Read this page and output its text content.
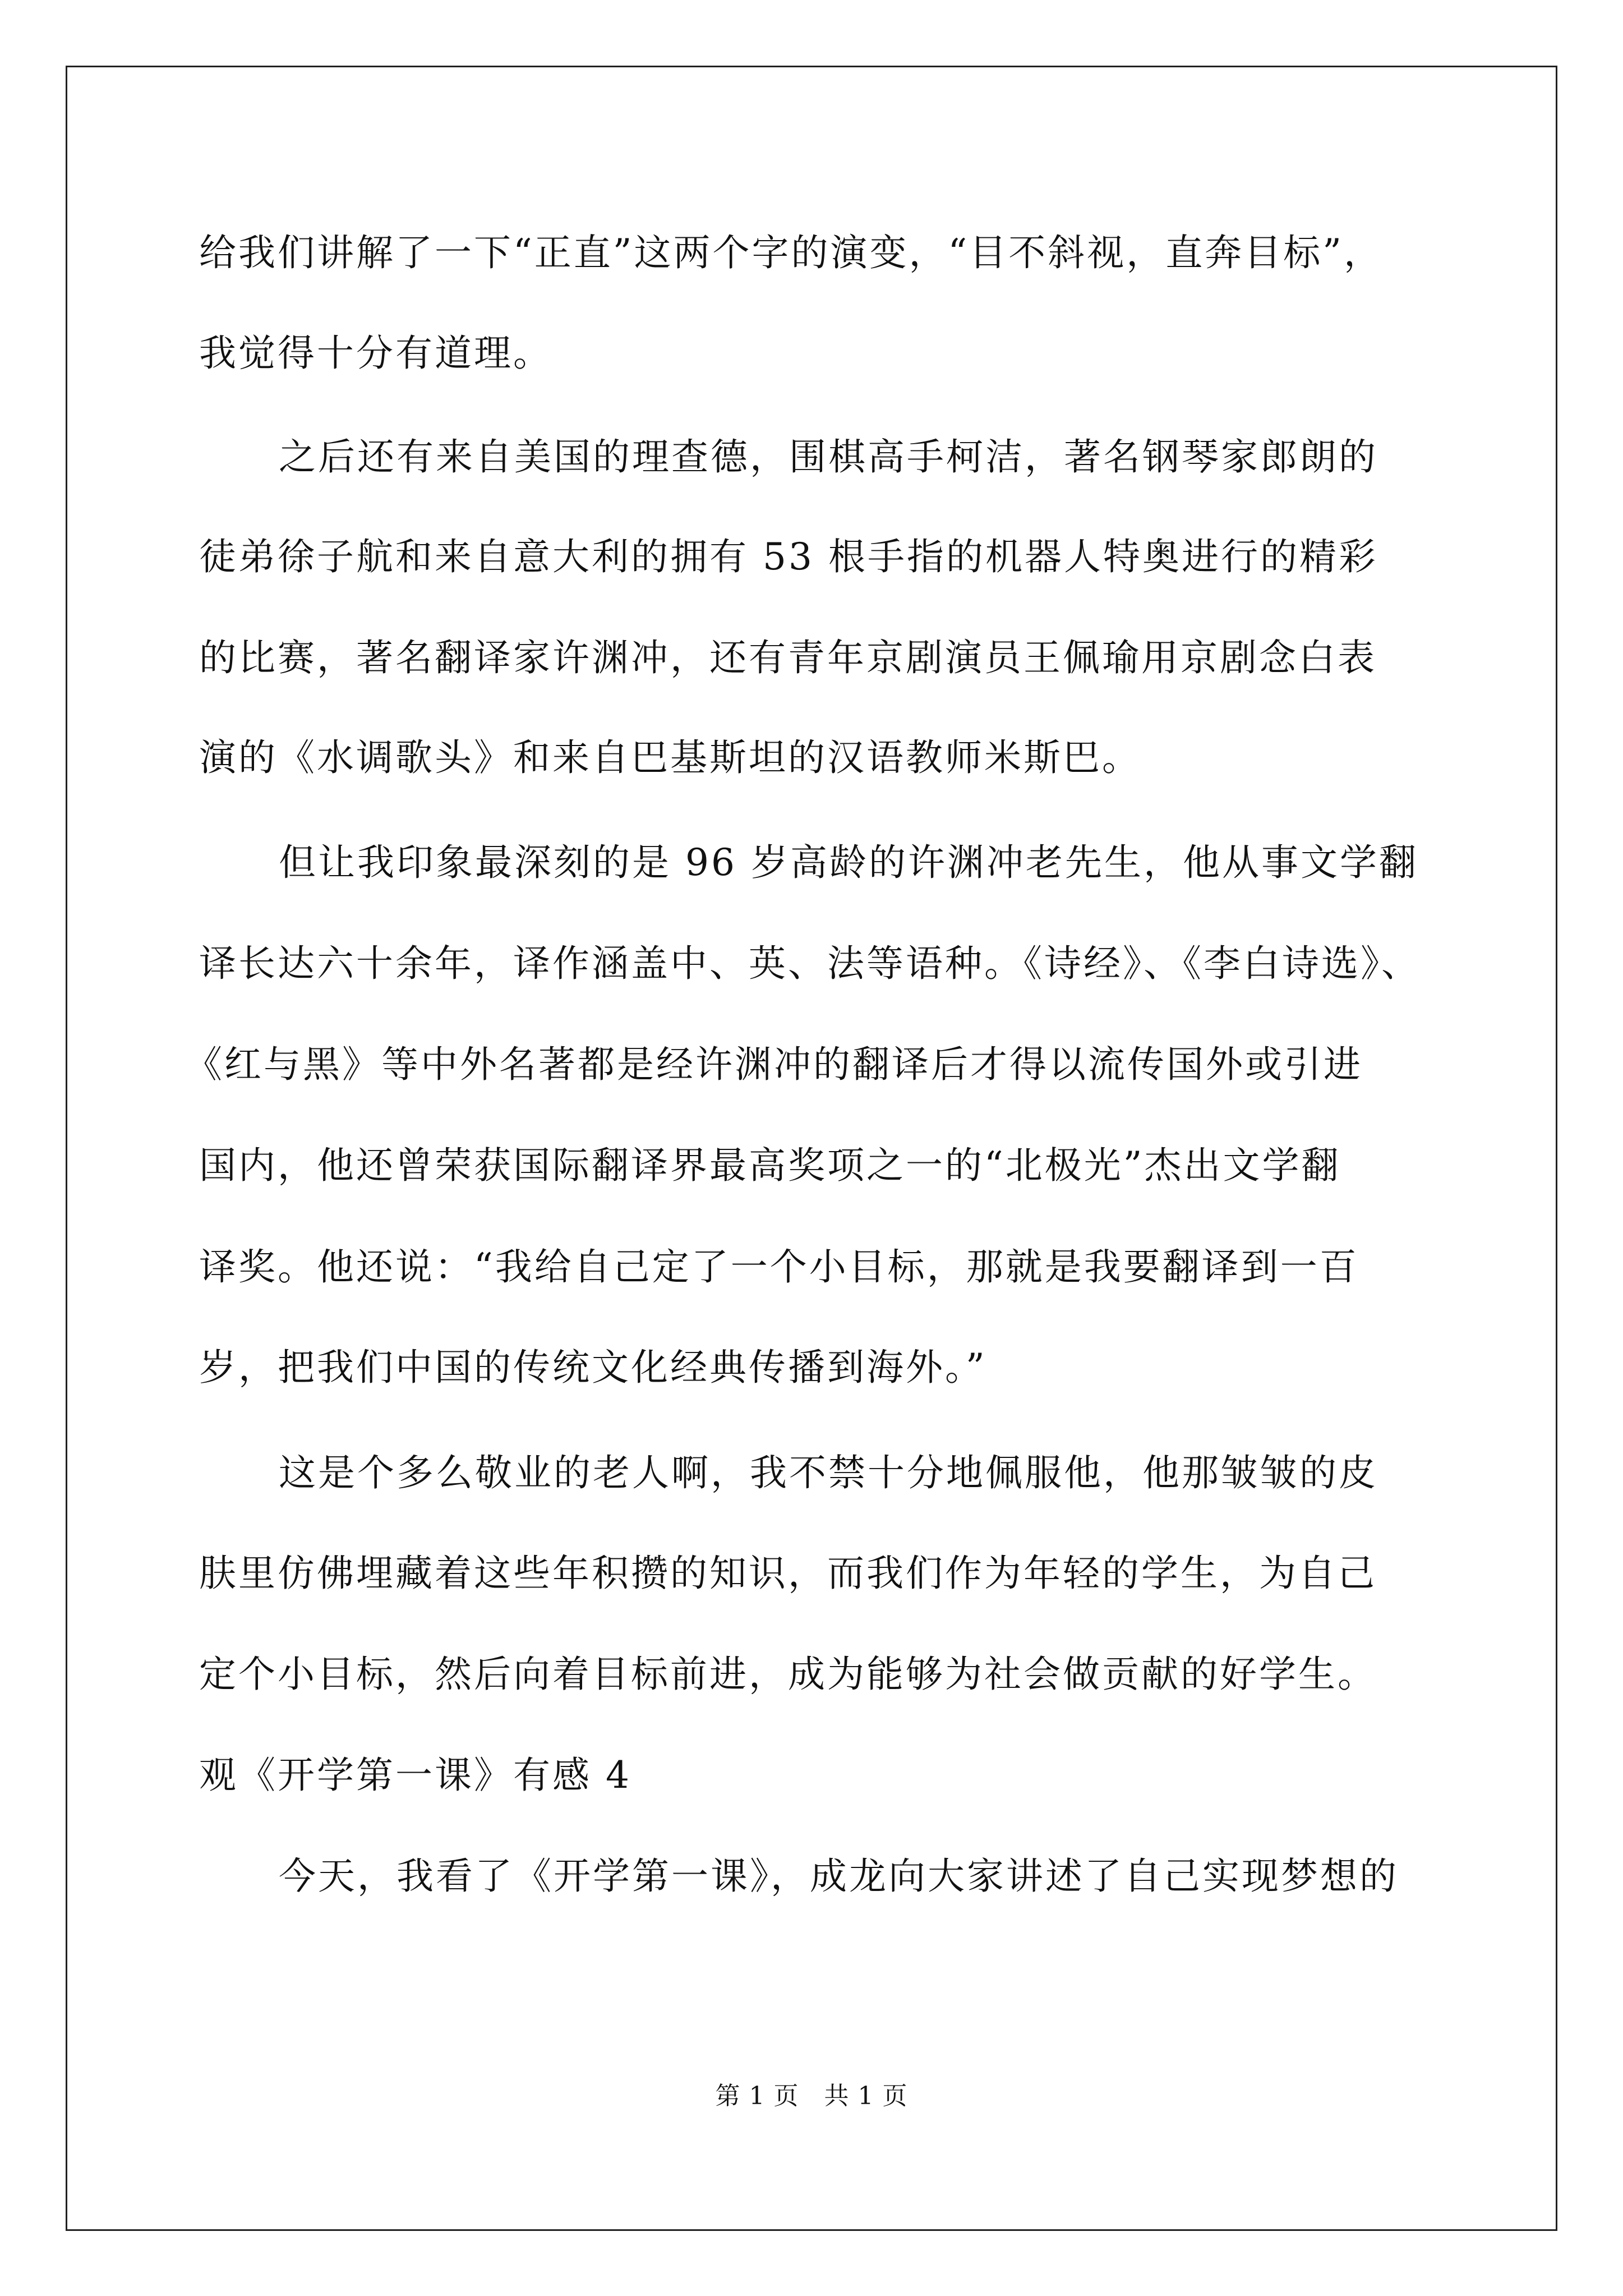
给我们讲解了一下“正直”这两个字的演变，“目不斜视，直奔目标”，
我觉得十分有道理。
之后还有来自美国的理查德，围棋高手柯洁，著名钢琴家郎朗的
徒弟徐子航和来自意大利的拥有 53 根手指的机器人特奥进行的精彩
的比赛，著名翻译家许渊冲，还有青年京剧演员王佩瑜用京剧念白表
演的《水调歌头》和来自巴基斯坦的汉语教师米斯巴。
但让我印象最深刻的是 96 岁高龄的许渊冲老先生，他从事文学翻
译长达六十余年，译作涵盖中、英、法等语种。《诗经》、《李白诗选》、
《红与黑》等中外名著都是经许渊冲的翻译后才得以流传国外或引进
国内，他还曾荣获国际翻译界最高奖项之一的“北极光”杰出文学翻
译奖。他还说：“我给自己定了一个小目标，那就是我要翻译到一百
岁，把我们中国的传统文化经典传播到海外。”
这是个多么敬业的老人啊，我不禁十分地佩服他，他那皱皱的皮
肤里仿佛埋藏着这些年积攒的知识，而我们作为年轻的学生，为自己
定个小目标，然后向着目标前进，成为能够为社会做贡献的好学生。
观《开学第一课》有感 4
今天，我看了《开学第一课》，成龙向大家讲述了自己实现梦想的
第 1 页　共 1 页
